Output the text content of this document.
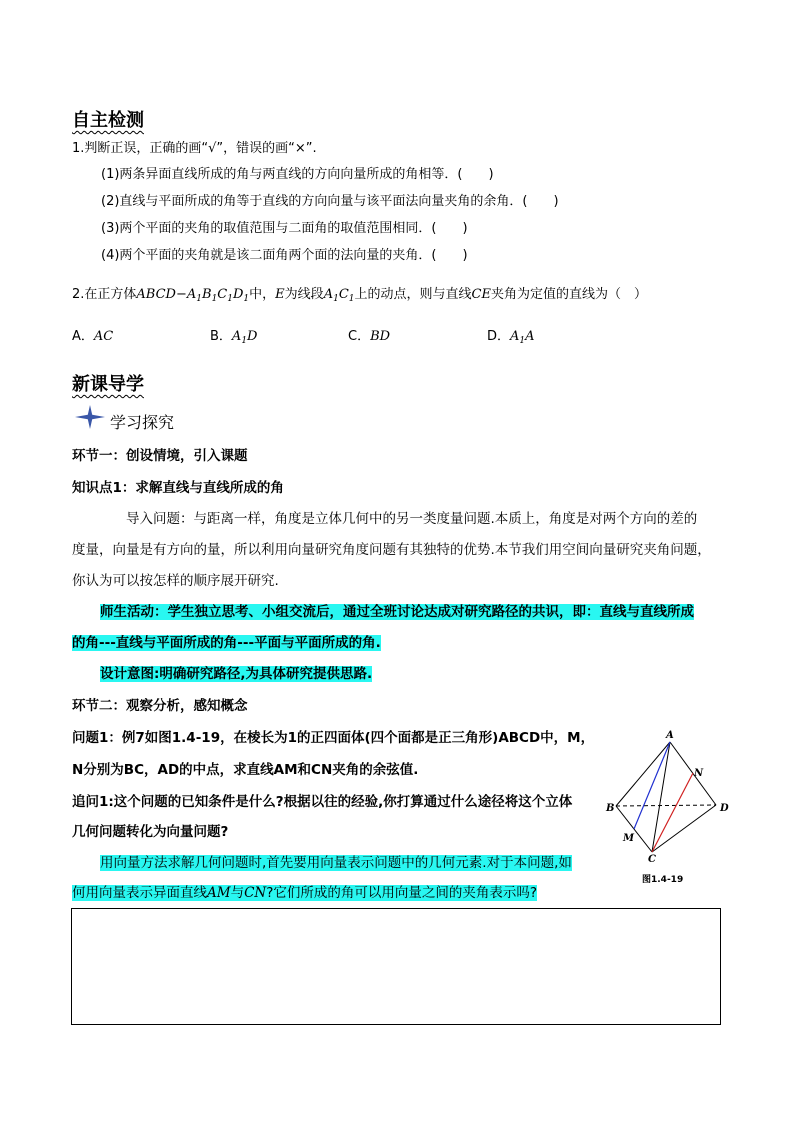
自主检测
1.判断正误，正确的画“√”，错误的画“×”.
(1)两条异面直线所成的角与两直线的方向向量所成的角相等．(　　)
(2)直线与平面所成的角等于直线的方向向量与该平面法向量夹角的余角．(　　)
(3)两个平面的夹角的取值范围与二面角的取值范围相同．(　　)
(4)两个平面的夹角就是该二面角两个面的法向量的夹角．(　　)
2.在正方体$ABCD-A_1B_1C_1D_1$中，E为线段$A_1C_1$上的动点，则与直线CE夹角为定值的直线为（　）
A．AC	B．$A_1D$	C．BD	D．$A_1A$
新课导学
学习探究
环节一：创设情境，引入课题
知识点1：求解直线与直线所成的角
导入问题：与距离一样，角度是立体几何中的另一类度量问题.本质上，角度是对两个方向的差的
度量，向量是有方向的量，所以利用向量研究角度问题有其独特的优势.本节我们用空间向量研究夹角问题，
你认为可以按怎样的顺序展开研究.
师生活动：学生独立思考、小组交流后，通过全班讨论达成对研究路径的共识，即：直线与直线所成
的角---直线与平面所成的角---平面与平面所成的角.
设计意图:明确研究路径,为具体研究提供思路.
环节二：观察分析，感知概念
问题1：例7如图1.4-19，在棱长为1的正四面体(四个面都是正三角形)ABCD中，M，
N分别为BC，AD的中点，求直线AM和CN夹角的余弦值.
追问1:这个问题的已知条件是什么?根据以往的经验,你打算通过什么途径将这个立体
几何问题转化为向量问题?
用向量方法求解几何问题时,首先要用向量表示问题中的几何元素.对于本问题,如
何用向量表示异面直线AM与CN?它们所成的角可以用向量之间的夹角表示吗?
A
B
C
D
M
N
图1.4-19
